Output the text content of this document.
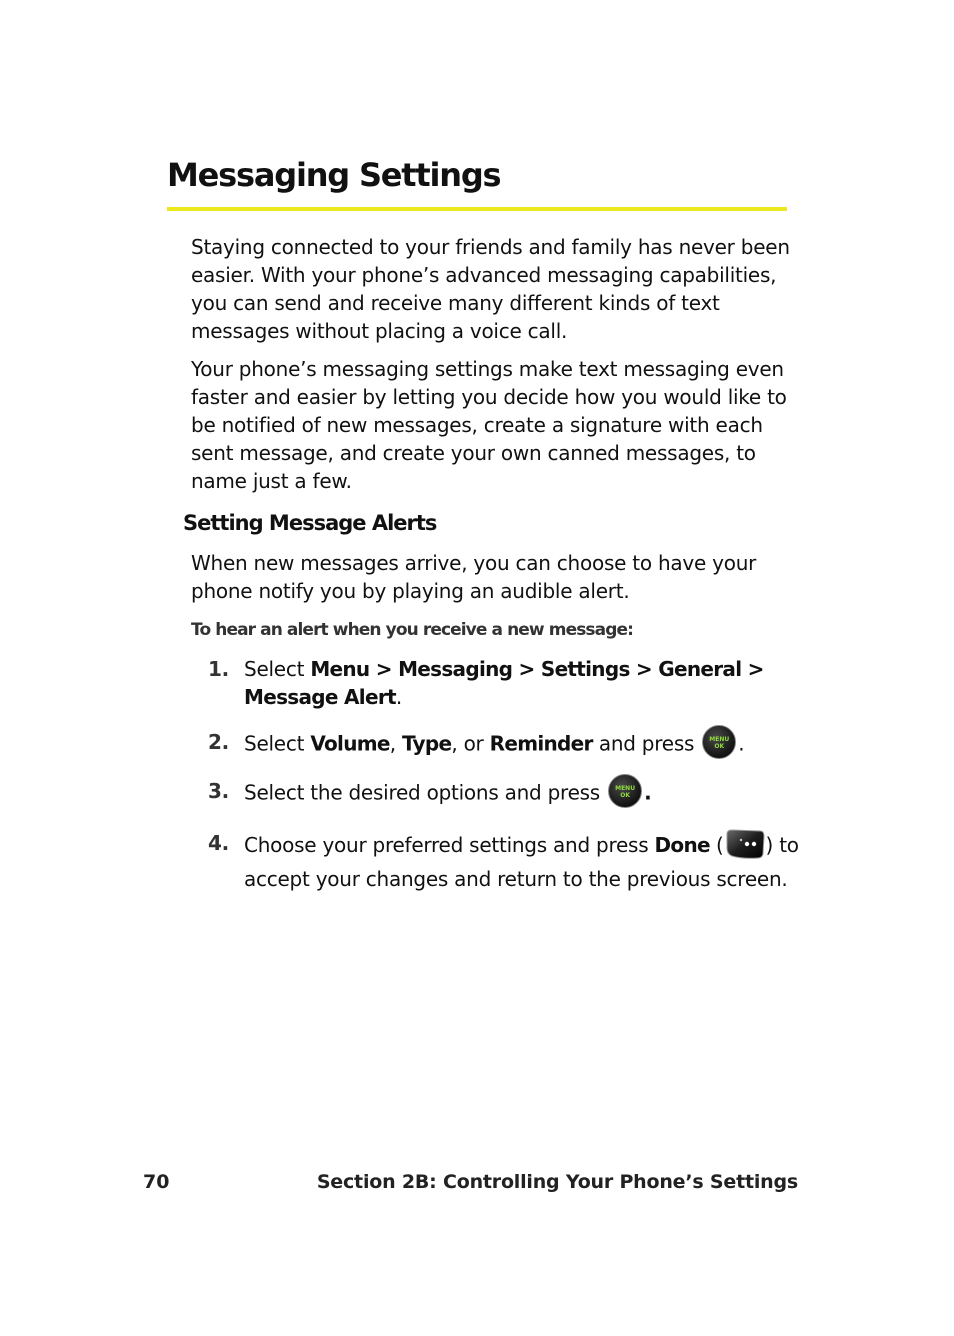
Messaging Settings

Staying connected to your friends and family has never been easier. With your phone’s advanced messaging capabilities, you can send and receive many different kinds of text messages without placing a voice call.

Your phone’s messaging settings make text messaging even faster and easier by letting you decide how you would like to be notified of new messages, create a signature with each sent message, and create your own canned messages, to name just a few.

Setting Message Alerts

When new messages arrive, you can choose to have your phone notify you by playing an audible alert.

To hear an alert when you receive a new message:

1. Select Menu > Messaging > Settings > General > Message Alert.
2. Select Volume, Type, or Reminder and press	MENU
OK .
3. Select the desired options and press	MENU
OK .
4. Choose your preferred settings and press Done ( ) to accept your changes and return to the previous screen.
70	Section 2B: Controlling Your Phone’s Settings
